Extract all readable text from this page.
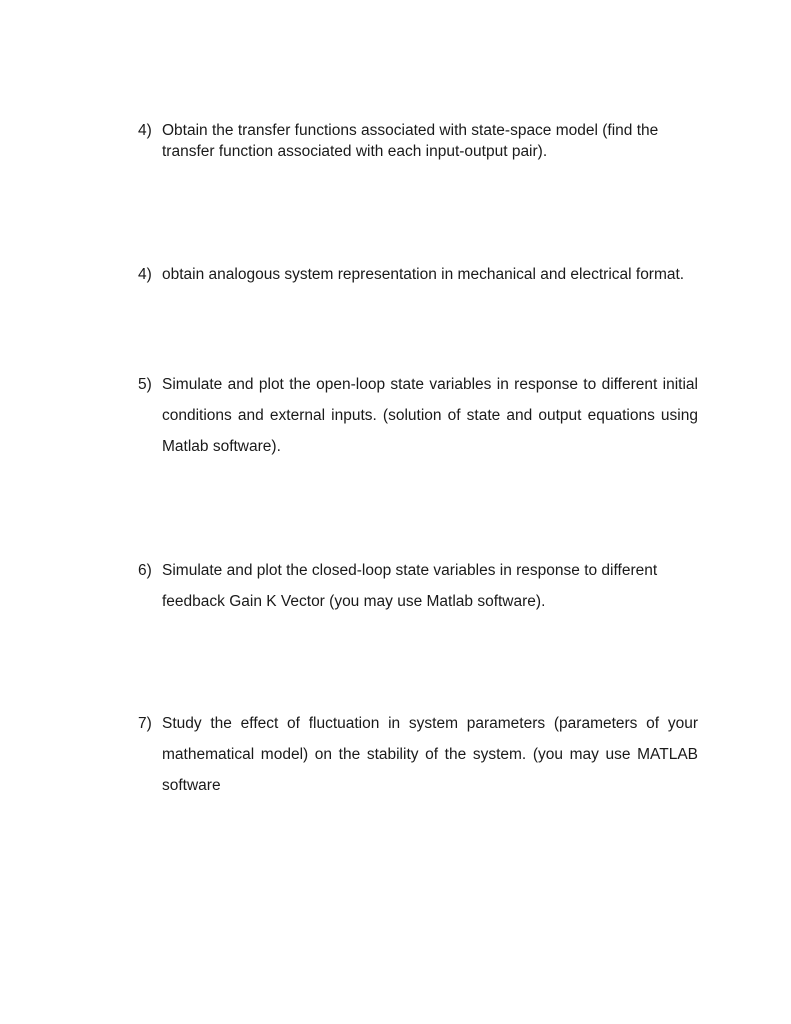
4) Obtain the transfer functions associated with state-space model (find the transfer function associated with each input-output pair).
4) obtain analogous system representation in mechanical and electrical format.
5) Simulate and plot the open-loop state variables in response to different initial conditions and external inputs. (solution of state and output equations using Matlab software).
6) Simulate and plot the closed-loop state variables in response to different feedback Gain K Vector (you may use Matlab software).
7) Study the effect of fluctuation in system parameters (parameters of your mathematical model) on the stability of the system. (you may use MATLAB software
